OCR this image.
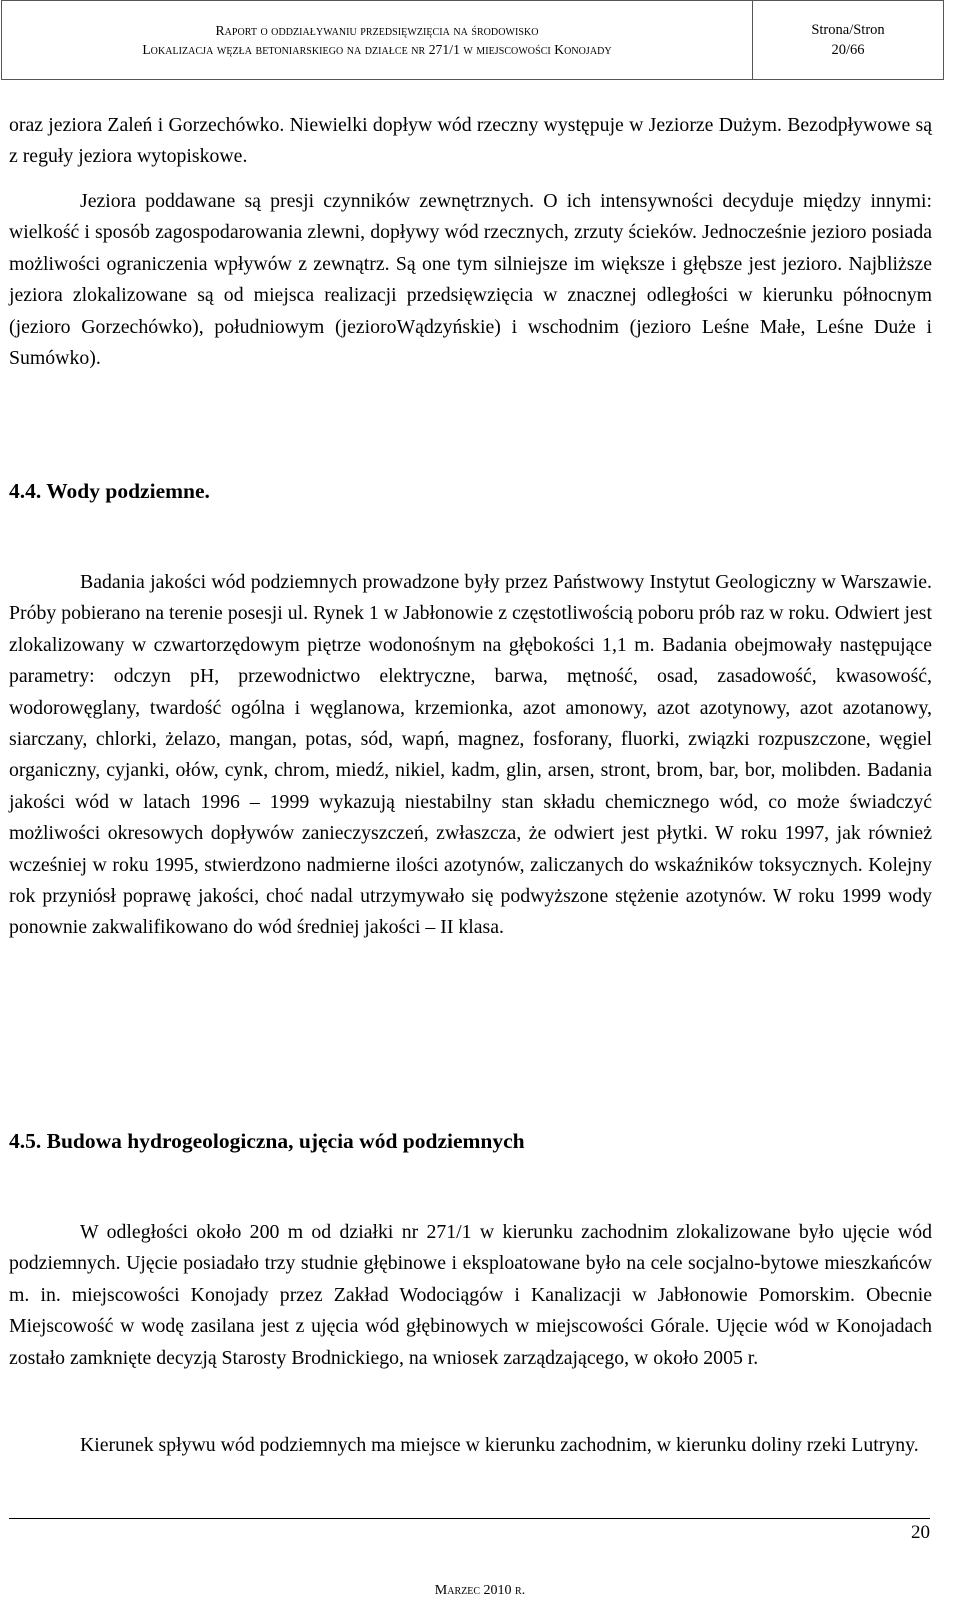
Raport o oddziaływaniu przedsięwzięcia na środowisko
Lokalizacja węzła betoniarskiego na działce nr 271/1 w miejscowości Konojady
Strona/Stron
20/66

oraz jeziora Zaleń i Gorzechówko. Niewielki dopływ wód rzeczny występuje w Jeziorze Dużym. Bezodpływowe są z reguły jeziora wytopiskowe.

Jeziora poddawane są presji czynników zewnętrznych. O ich intensywności decyduje między innymi: wielkość i sposób zagospodarowania zlewni, dopływy wód rzecznych, zrzuty ścieków. Jednocześnie jezioro posiada możliwości ograniczenia wpływów z zewnątrz. Są one tym silniejsze im większe i głębsze jest jezioro. Najbliższe jeziora zlokalizowane są od miejsca realizacji przedsięwzięcia w znacznej odległości w kierunku północnym (jezioro Gorzechówko), południowym (jezioroWądzyńskie) i wschodnim (jezioro Leśne Małe, Leśne Duże i Sumówko).

4.4. Wody podziemne.

Badania jakości wód podziemnych prowadzone były przez Państwowy Instytut Geologiczny w Warszawie. Próby pobierano na terenie posesji ul. Rynek 1 w Jabłonowie z częstotliwością poboru prób raz w roku. Odwiert jest zlokalizowany w czwartorzędowym piętrze wodonośnym na głębokości 1,1 m. Badania obejmowały następujące parametry: odczyn pH, przewodnictwo elektryczne, barwa, mętność, osad, zasadowość, kwasowość, wodorowęglany, twardość ogólna i węglanowa, krzemionka, azot amonowy, azot azotynowy, azot azotanowy, siarczany, chlorki, żelazo, mangan, potas, sód, wapń, magnez, fosforany, fluorki, związki rozpuszczone, węgiel organiczny, cyjanki, ołów, cynk, chrom, miedź, nikiel, kadm, glin, arsen, stront, brom, bar, bor, molibden. Badania jakości wód w latach 1996 – 1999 wykazują niestabilny stan składu chemicznego wód, co może świadczyć możliwości okresowych dopływów zanieczyszczeń, zwłaszcza, że odwiert jest płytki. W roku 1997, jak również wcześniej w roku 1995, stwierdzono nadmierne ilości azotynów, zaliczanych do wskaźników toksycznych. Kolejny rok przyniósł poprawę jakości, choć nadal utrzymywało się podwyższone stężenie azotynów. W roku 1999 wody ponownie zakwalifikowano do wód średniej jakości – II klasa.

4.5. Budowa hydrogeologiczna, ujęcia wód podziemnych

W odległości około 200 m od działki nr 271/1 w kierunku zachodnim zlokalizowane było ujęcie wód podziemnych. Ujęcie posiadało trzy studnie głębinowe i eksploatowane było na cele socjalno-bytowe mieszkańców m. in. miejscowości Konojady przez Zakład Wodociągów i Kanalizacji w Jabłonowie Pomorskim. Obecnie Miejscowość w wodę zasilana jest z ujęcia wód głębinowych w miejscowości Górale. Ujęcie wód w Konojadach zostało zamknięte decyzją Starosty Brodnickiego, na wniosek zarządzającego, w około 2005 r.

Kierunek spływu wód podziemnych ma miejsce w kierunku zachodnim, w kierunku doliny rzeki Lutryny.

20
Marzec 2010 r.
